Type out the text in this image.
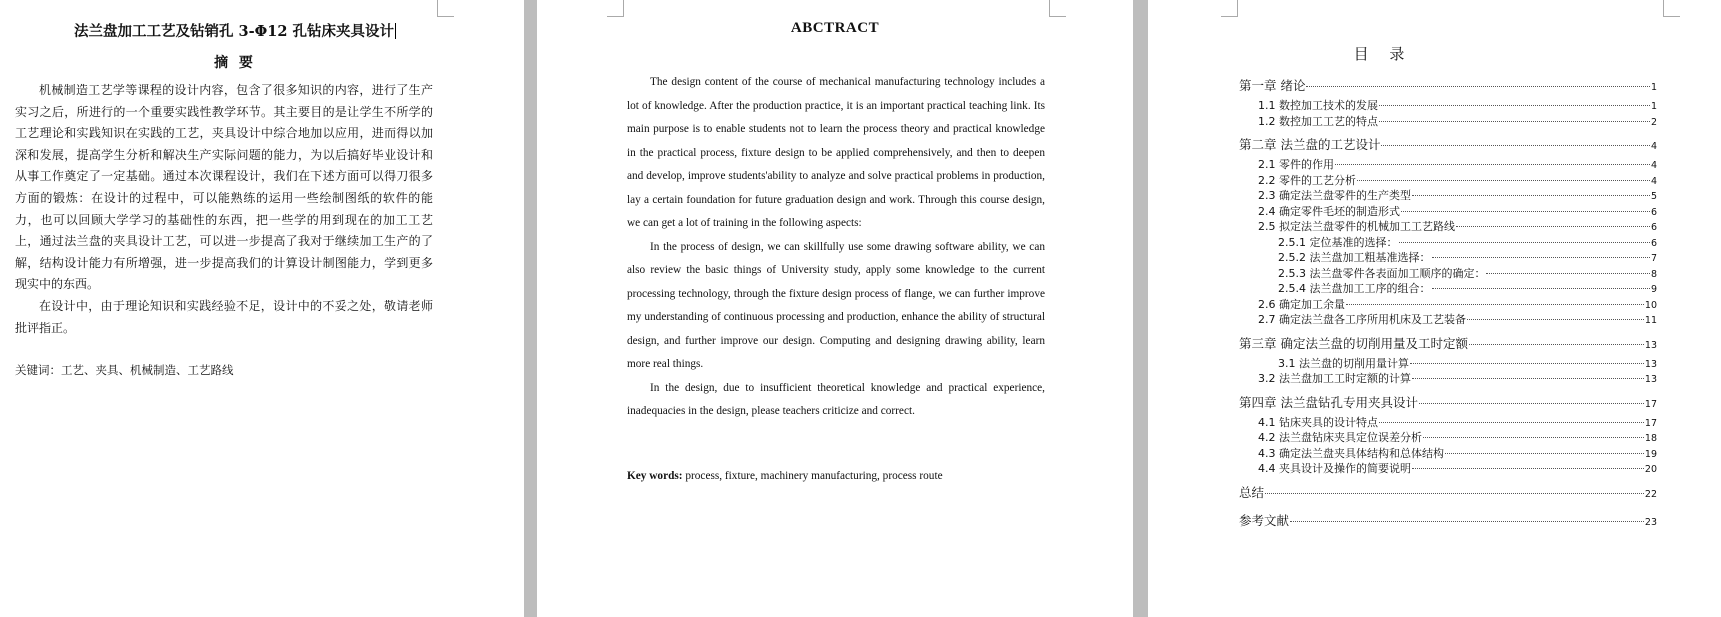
法兰盘加工工艺及钻销孔 3-Φ12 孔钻床夹具设计
摘 要

机械制造工艺学等课程的设计内容，包含了很多知识的内容，进行了生产实习之后，所进行的一个重要实践性教学环节。其主要目的是让学生不所学的工艺理论和实践知识在实践的工艺，夹具设计中综合地加以应用，进而得以加深和发展，提高学生分析和解决生产实际问题的能力，为以后搞好毕业设计和从事工作奠定了一定基础。通过本次课程设计，我们在下述方面可以得刀很多方面的锻炼：在设计的过程中，可以能熟练的运用一些绘制图纸的软件的能力，也可以回顾大学学习的基础性的东西，把一些学的用到现在的加工工艺上，通过法兰盘的夹具设计工艺，可以进一步提高了我对于继续加工生产的了解，结构设计能力有所增强，进一步提高我们的计算设计制图能力，学到更多现实中的东西。

在设计中，由于理论知识和实践经验不足，设计中的不妥之处，敬请老师批评指正。

关键词：工艺、夹具、机械制造、工艺路线
ABCTRACT

The design content of the course of mechanical manufacturing technology includes a lot of knowledge. After the production practice, it is an important practical teaching link. Its main purpose is to enable students not to learn the process theory and practical knowledge in the practical process, fixture design to be applied comprehensively, and then to deepen and develop, improve students'ability to analyze and solve practical problems in production, lay a certain foundation for future graduation design and work. Through this course design, we can get a lot of training in the following aspects:

In the process of design, we can skillfully use some drawing software ability, we can also review the basic things of University study, apply some knowledge to the current processing technology, through the fixture design process of flange, we can further improve my understanding of continuous processing and production, enhance the ability of structural design, and further improve our design. Computing and designing drawing ability, learn more real things.

In the design, due to insufficient theoretical knowledge and practical experience, inadequacies in the design, please teachers criticize and correct.

Key words: process, fixture, machinery manufacturing, process route
目 录
第一章 绪论	1
1.1 数控加工技术的发展	1
1.2 数控加工工艺的特点	2
第二章 法兰盘的工艺设计	4
2.1 零件的作用	4
2.2 零件的工艺分析	4
2.3 确定法兰盘零件的生产类型	5
2.4 确定零件毛坯的制造形式	6
2.5 拟定法兰盘零件的机械加工工艺路线	6
2.5.1 定位基准的选择：	6
2.5.2 法兰盘加工粗基准选择：	7
2.5.3 法兰盘零件各表面加工顺序的确定：	8
2.5.4 法兰盘加工工序的组合：	9
2.6 确定加工余量	10
2.7 确定法兰盘各工序所用机床及工艺装备	11
第三章 确定法兰盘的切削用量及工时定额	13
3.1 法兰盘的切削用量计算	13
3.2 法兰盘加工工时定额的计算	13
第四章 法兰盘钻孔专用夹具设计	17
4.1 钻床夹具的设计特点	17
4.2 法兰盘钻床夹具定位误差分析	18
4.3 确定法兰盘夹具体结构和总体结构	19
4.4 夹具设计及操作的简要说明	20
总结	22
参考文献	23
